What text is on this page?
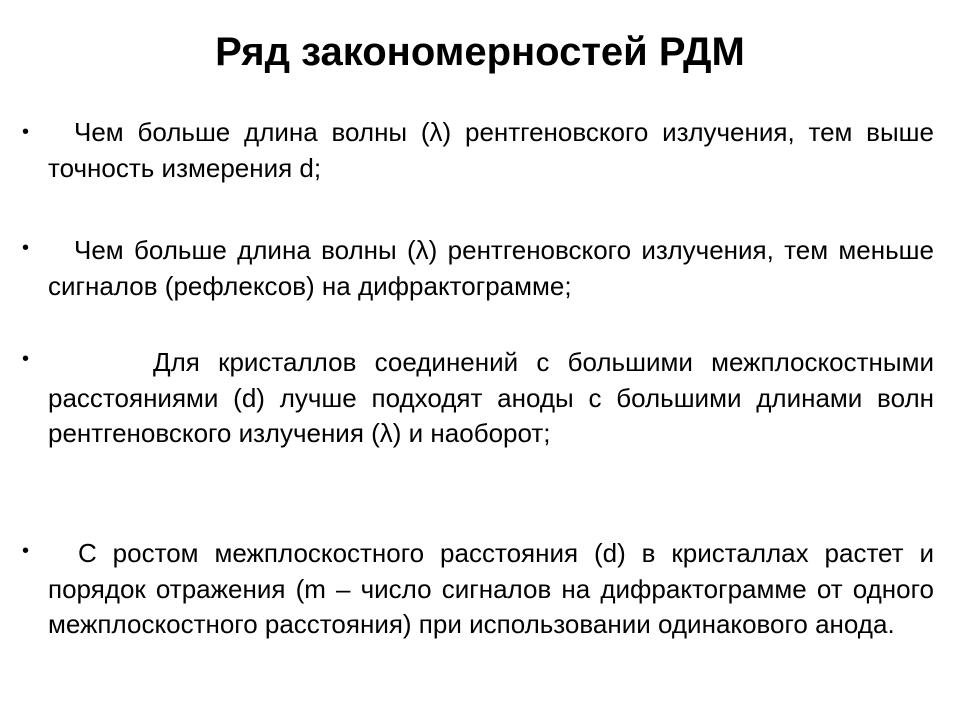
Ряд закономерностей РДМ
•	Чем больше длина волны (λ) рентгеновского излучения, тем выше точность измерения d;
•	Чем больше длина волны (λ) рентгеновского излучения, тем меньше сигналов (рефлексов) на дифрактограмме;
•	Для кристаллов соединений с большими межплоскостными расстояниями (d) лучше подходят аноды с большими длинами волн рентгеновского излучения (λ) и наоборот;
•	С ростом межплоскостного расстояния (d) в кристаллах растет и порядок отражения (m – число сигналов на дифрактограмме от одного межплоскостного расстояния) при использовании одинакового анода.
